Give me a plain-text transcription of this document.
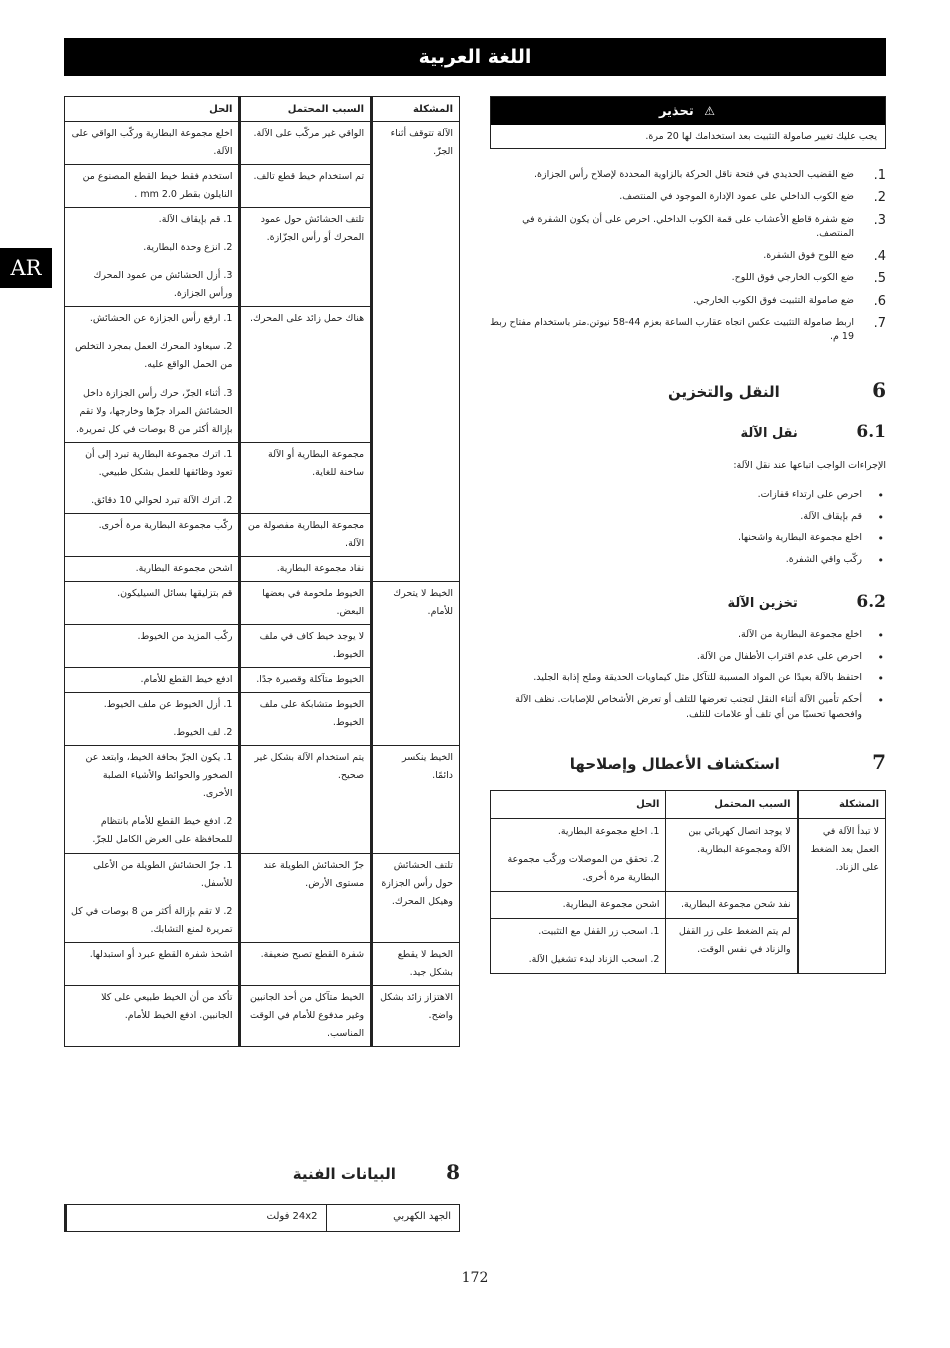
اللغة العربية
AR
الحل	السبب المحتمل	المشكلة

اخلع مجموعة البطارية وركّب الواقي على الآلة.	الواقي غير مركّب على الآلة.	الآلة تتوقف أثناء الجزّ.

استخدم فقط خيط القطع المصنوع من النايلون بقطر 2.0 mm .	تم استخدام خيط قطع تالف.	

1. قم بإيقاف الآلة.
2. انزع وحدة البطارية.
3. أزل الحشائش من عمود المحرك ورأس الجزازة.	تلتف الحشائش حول عمود المحرك أو رأس الجزّازة.	

1. ارفع رأس الجزازة عن الحشائش.
2. سيعاود المحرك العمل بمجرد التخلص من الحمل الواقع عليه.
3. أثناء الجزّ، حرك رأس الجزازة داخل الحشائش المراد جزّها وخارجها، ولا تقم بإزالة أكثر من 8 بوصات في كل تمريرة.	هناك حمل زائد على المحرك.	

1. اترك مجموعة البطارية تبرد إلى أن تعود وظائفها للعمل بشكل طبيعي.
2. اترك الآلة تبرد لحوالي 10 دقائق.	مجموعة البطارية أو الآلة ساخنة للغاية.	

ركّب مجموعة البطارية مرة أخرى.	مجموعة البطارية مفصولة من الآلة.	

اشحن مجموعة البطارية.	نفاد مجموعة البطارية.	

قم بتزليقها بسائل السيليكون.	الخيوط ملحومة في بعضها البعض.	الخيط لا يتحرك للأمام.

ركّب المزيد من الخيوط.	لا يوجد خيط كاف في ملف الخيوط.	

ادفع خيط القطع للأمام.	الخيوط متآكلة وقصيرة جدًا.	

1. أزل الخيوط عن ملف الخيوط.
2. لف الخيوط.	الخيوط متشابكة على ملف الخيوط.	

1. يكون الجزّ بحافة الخيط، وابتعد عن الصخور والحوائط والأشياء الصلبة الأخرى.
2. ادفع خيط القطع للأمام بانتظام للمحافظة على العرض الكامل للجزّ.	يتم استخدام الآلة بشكل غير صحيح.	الخيط ينكسر دائمًا.

1. جزّ الحشائش الطويلة من الأعلى للأسفل.
2. لا تقم بإزالة أكثر من 8 بوصات في كل تمريرة لمنع التشابك.	جزّ الحشائش الطويلة عند مستوى الأرض.	تلتف الحشائش حول رأس الجزازة وهيكل المحرك.

اشحذ شفرة القطع عبرد أو استبدلها.	شفرة القطع تصبح ضعيفة.	الخيط لا يقطع بشكل جيد.

تأكد من أن الخيط طبيعي على كلا الجانبين. ادفع الخيط للأمام.	الخيط متآكل من أحد الجانبين وغير مدفوع للأمام في الوقت المناسب.	الاهتزاز زائد بشكل واضح.
8  البيانات الفنية
24x2 فولت	الجهد الكهربي
⚠ تحذير
يجب عليك تغيير صامولة التثبيت بعد استخدامك لها 20 مرة.
1.
ضع القضيب الحديدي في فتحة ناقل الحركة بالزاوية المحددة لإصلاح رأس الجزازة.
2.
ضع الكوب الداخلي على عمود الإدارة الموجود في المنتصف.
3.
ضع شفرة قاطع الأعشاب على قمة الكوب الداخلي. احرص على أن يكون الشفرة في المنتصف.
4.
ضع اللوح فوق الشفرة.
5.
ضع الكوب الخارجي فوق اللوح.
6.
ضع صامولة التثبيت فوق الكوب الخارجي.
7.
اربط صامولة التثبيت عكس اتجاه عقارب الساعة بعزم 44-58 نيوتن.متر باستخدام مفتاح ربط 19 م.
6  النقل والتخزين
6.1  نقل الآلة
الإجراءات الواجب اتباعها عند نقل الآلة:
• احرص على ارتداء قفازات.
• قم بإيقاف الآلة.
• اخلع مجموعة البطارية واشحنها.
• ركّب واقي الشفرة.
6.2  تخزين الآلة
• اخلع مجموعة البطارية من الآلة.
• احرص على عدم اقتراب الأطفال من الآلة.
• احتفظ بالآلة بعيدًا عن المواد المسببة للتآكل مثل كيماويات الحديقة وملح إذابة الجليد.
• أحكم تأمين الآلة أثناء النقل لتجنب تعرضها للتلف أو تعرض الأشخاص للإصابات. نظف الآلة وافحصها تحسبًا من أي تلف أو علامات للتلف.
7  استكشاف الأعطال وإصلاحها
الحل	السبب المحتمل	المشكلة

1. اخلع مجموعة البطارية.
2. تحقق من الموصلات وركّب مجموعة البطارية مرة أخرى.	لا يوجد اتصال كهربائي بين الآلة ومجموعة البطارية.	لا تبدأ الآلة في العمل بعد الضغط على الزناد.

اشحن مجموعة البطارية.	نفد شحن مجموعة البطارية.	

1. اسحب زر القفل مع التثبيت.
2. اسحب الزناد لبدء تشغيل الآلة.	لم يتم الضغط على زر القفل والزناد في نفس الوقت.	
172
